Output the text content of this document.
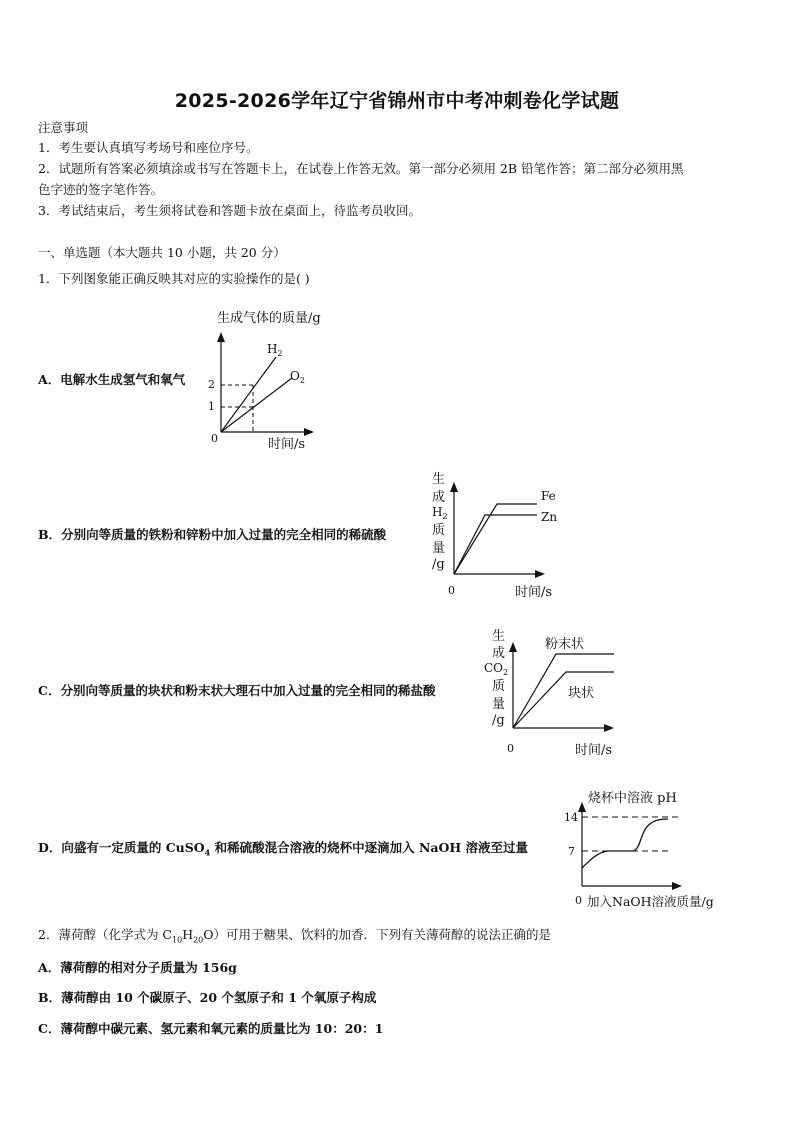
2025-2026学年辽宁省锦州市中考冲刺卷化学试题
注意事项
1．考生要认真填写考场号和座位序号。
2．试题所有答案必须填涂或书写在答题卡上，在试卷上作答无效。第一部分必须用 2B 铅笔作答；第二部分必须用黑
色字迹的签字笔作答。
3．考试结束后，考生须将试卷和答题卡放在桌面上，待监考员收回。
一、单选题（本大题共 10 小题，共 20 分）
1．下列图象能正确反映其对应的实验操作的是( )
A．电解水生成氢气和氧气
生成气体的质量/g
2
1
0	时间/s
$H_2$
$O_2$
B．分别向等质量的铁粉和锌粉中加入过量的完全相同的稀硫酸
生
成
$H_2$
质
量
/g
Fe
Zn
0	时间/s
C．分别向等质量的块状和粉末状大理石中加入过量的完全相同的稀盐酸
生
成
$CO_2$
质
量
/g
粉末状
块状
0	时间/s
D．向盛有一定质量的 CuSO$_4$ 和稀硫酸混合溶液的烧杯中逐滴加入 NaOH 溶液至过量
烧杯中溶液 pH
14
7
0 加入NaOH溶液质量/g
2．薄荷醇（化学式为 $C_{10}H_{20}O$）可用于糖果、饮料的加香．下列有关薄荷醇的说法正确的是
A．薄荷醇的相对分子质量为 156g
B．薄荷醇由 10 个碳原子、20 个氢原子和 1 个氧原子构成
C．薄荷醇中碳元素、氢元素和氧元素的质量比为 10：20：1
